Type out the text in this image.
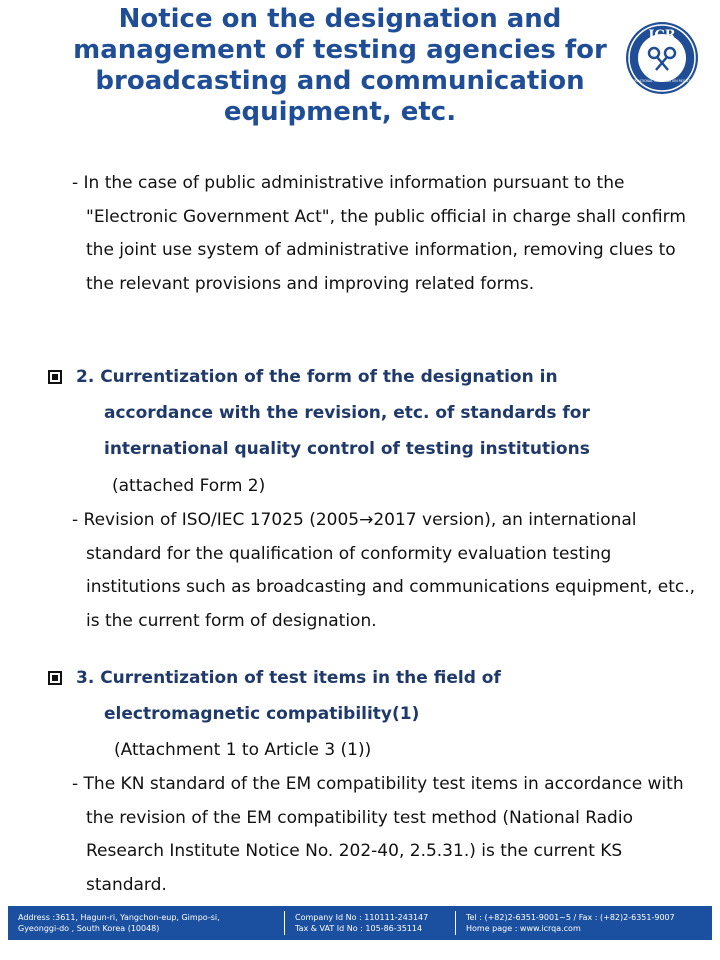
Notice on the designation and management of testing agencies for broadcasting and communication equipment, etc.
ICR
INTERNATIONAL CERTIFICATION REGISTRAR

- In the case of public administrative information pursuant to the "Electronic Government Act", the public official in charge shall confirm the joint use system of administrative information, removing clues to the relevant provisions and improving related forms.

2. Currentization of the form of the designation in accordance with the revision, etc. of standards for international quality control of testing institutions

(attached Form 2)

- Revision of ISO/IEC 17025 (2005→2017 version), an international standard for the qualification of conformity evaluation testing institutions such as broadcasting and communications equipment, etc., is the current form of designation.

3. Currentization of test items in the field of electromagnetic compatibility(1)

(Attachment 1 to Article 3 (1))

- The KN standard of the EM compatibility test items in accordance with the revision of the EM compatibility test method (National Radio Research Institute Notice No. 202-40, 2.5.31.) is the current KS standard.

Address :3611, Hagun-ri, Yangchon-eup, Gimpo-si,
Gyeonggi-do , South Korea (10048)
Company Id No : 110111-243147
Tax & VAT Id No : 105-86-35114
Tel : (+82)2-6351-9001~5 / Fax : (+82)2-6351-9007
Home page : www.icrqa.com
